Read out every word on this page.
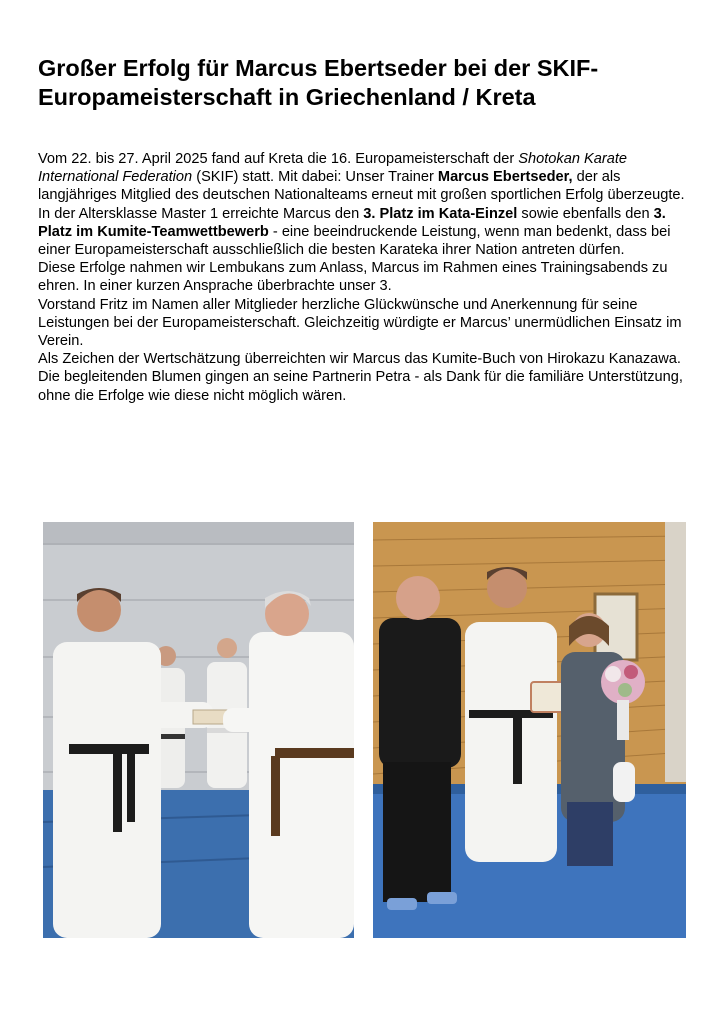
Großer Erfolg für Marcus Ebertseder bei der SKIF-Europameisterschaft in Griechenland / Kreta

Vom 22. bis 27. April 2025 fand auf Kreta die 16. Europameisterschaft der Shotokan Karate International Federation (SKIF) statt. Mit dabei: Unser Trainer Marcus Ebertseder, der als langjähriges Mitglied des deutschen Nationalteams erneut mit großen sportlichen Erfolg überzeugte.

In der Altersklasse Master 1 erreichte Marcus den 3. Platz im Kata-Einzel sowie ebenfalls den 3. Platz im Kumite-Teamwettbewerb - eine beeindruckende Leistung, wenn man bedenkt, dass bei einer Europameisterschaft ausschließlich die besten Karateka ihrer Nation antreten dürfen.

Diese Erfolge nahmen wir Lembukans zum Anlass, Marcus im Rahmen eines Trainingsabends zu ehren. In einer kurzen Ansprache überbrachte unser 3.

Vorstand Fritz im Namen aller Mitglieder herzliche Glückwünsche und Anerkennung für seine Leistungen bei der Europameisterschaft. Gleichzeitig würdigte er Marcus’ unermüdlichen Einsatz im Verein.

Als Zeichen der Wertschätzung überreichten wir Marcus das Kumite-Buch von Hirokazu Kanazawa. Die begleitenden Blumen gingen an seine Partnerin Petra - als Dank für die familiäre Unterstützung, ohne die Erfolge wie diese nicht möglich wären.
